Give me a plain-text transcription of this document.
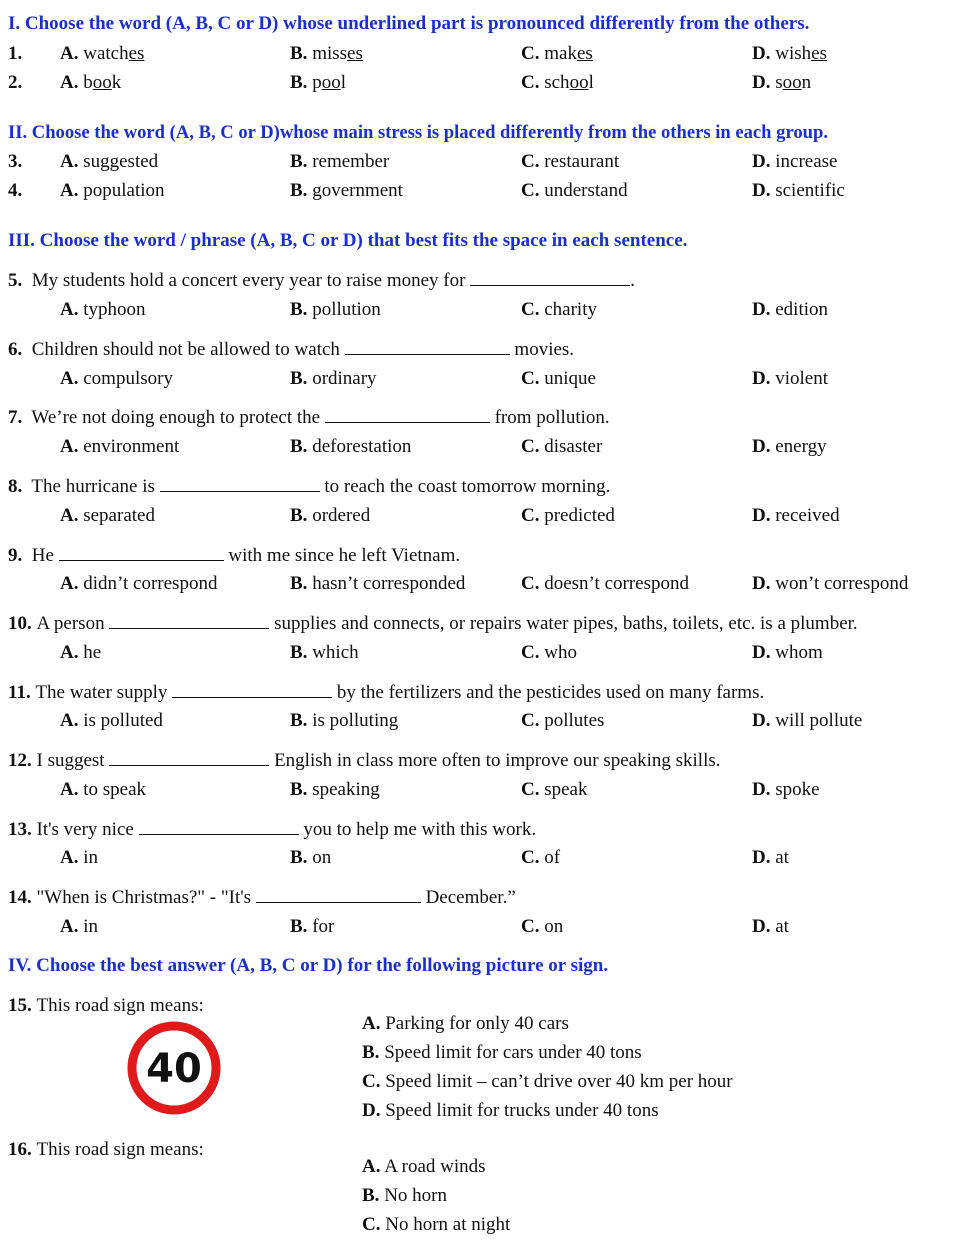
I. Choose the word (A, B, C or D) whose underlined part is pronounced differently from the others.
1. A. watches	B. misses	C. makes	D. wishes
2. A. book	B. pool	C. school	D. soon
II. Choose the word (A, B, C or D)whose main stress is placed differently from the others in each group.
3. A. suggested	B. remember	C. restaurant	D. increase
4. A. population	B. government	C. understand	D. scientific
III. Choose the word / phrase (A, B, C or D) that best fits the space in each sentence.
5. My students hold a concert every year to raise money for	.
A. typhoon	B. pollution	C. charity	D. edition
6. Children should not be allowed to watch	movies.
A. compulsory	B. ordinary	C. unique	D. violent
7. We’re not doing enough to protect the	from pollution.
A. environment	B. deforestation	C. disaster	D. energy
8. The hurricane is	to reach the coast tomorrow morning.
A. separated	B. ordered	C. predicted	D. received
9. He	with me since he left Vietnam.
A. didn’t correspond	B. hasn’t corresponded	C. doesn’t correspond	D. won’t correspond
10. A person	supplies and connects, or repairs water pipes, baths, toilets, etc. is a plumber.
A. he	B. which	C. who	D. whom
11. The water supply	by the fertilizers and the pesticides used on many farms.
A. is polluted	B. is polluting	C. pollutes	D. will pollute
12. I suggest	English in class more often to improve our speaking skills.
A. to speak	B. speaking	C. speak	D. spoke
13. It's very nice	you to help me with this work.
A. in	B. on	C. of	D. at
14. "When is Christmas?" - "It's	December.”
A. in	B. for	C. on	D. at
IV. Choose the best answer (A, B, C or D) for the following picture or sign.
15. This road sign means:
40
A. Parking for only 40 cars
B. Speed limit for cars under 40 tons
C. Speed limit – can’t drive over 40 km per hour
D. Speed limit for trucks under 40 tons
16. This road sign means:
A. A road winds
B. No horn
C. No horn at night
